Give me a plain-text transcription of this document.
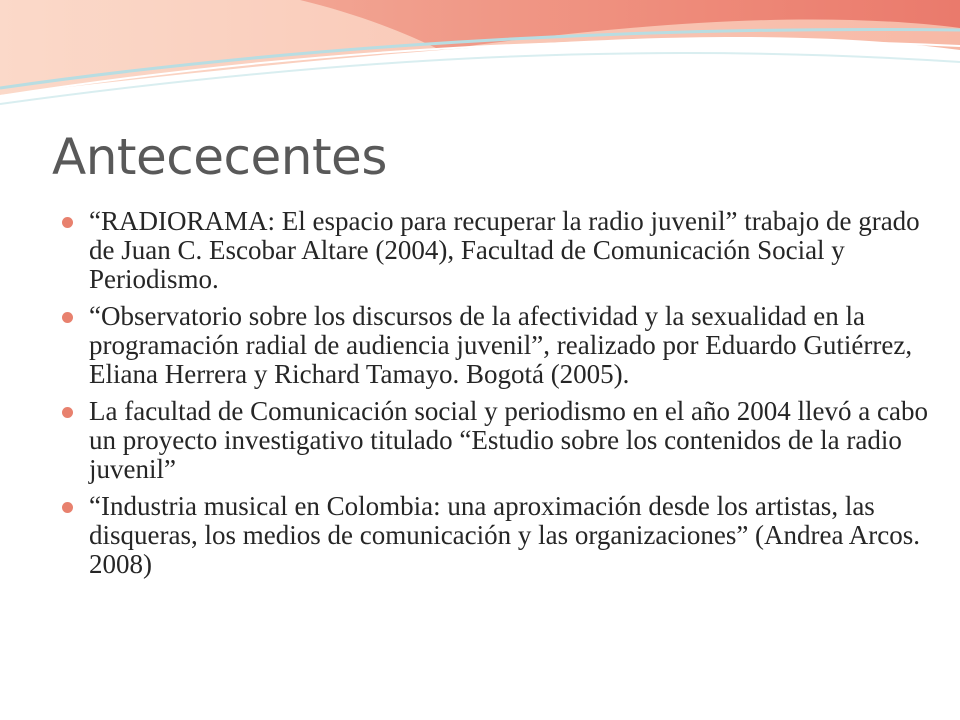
Antececentes
“RADIORAMA: El espacio para recuperar la radio juvenil” trabajo de grado de Juan C. Escobar Altare (2004), Facultad de Comunicación Social y Periodismo.
“Observatorio sobre los discursos de la afectividad y la sexualidad en la programación radial de audiencia juvenil”, realizado por Eduardo Gutiérrez, Eliana Herrera y Richard Tamayo. Bogotá (2005).
La facultad de Comunicación social y periodismo en el año 2004 llevó a cabo un proyecto investigativo titulado “Estudio sobre los contenidos de la radio juvenil”
“Industria musical en Colombia: una aproximación desde los artistas, las disqueras, los medios de comunicación y las organizaciones” (Andrea Arcos. 2008)
